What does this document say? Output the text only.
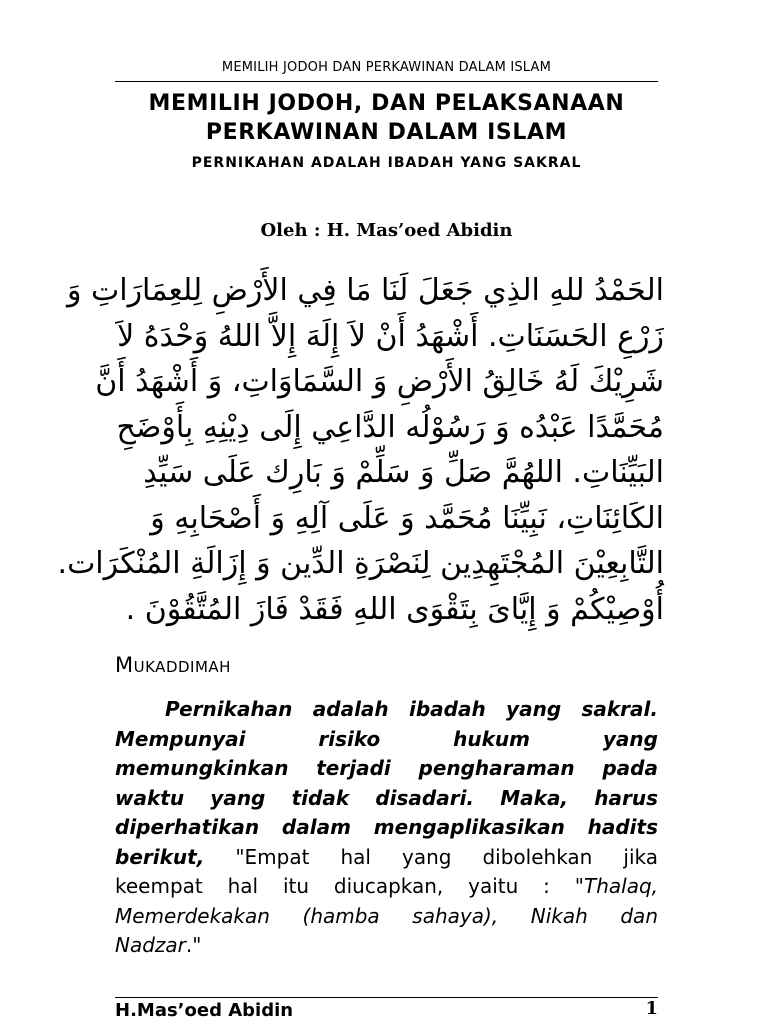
MEMILIH JODOH DAN PERKAWINAN DALAM ISLAM
MEMILIH JODOH, DAN PELAKSANAAN
PERKAWINAN DALAM ISLAM
PERNIKAHAN ADALAH IBADAH YANG SAKRAL
Oleh : H. Mas’oed Abidin
الحَمْدُ للهِ الذِي جَعَلَ لَنَا مَا فِي الأَرْضِ لِلعِمَارَاتِ وَ
زَرْعِ الحَسَنَاتِ. أَشْهَدُ أَنْ لاَ إِلَهَ إِلاَّ اللهُ وَحْدَهُ لاَ
شَرِيْكَ لَهُ خَالِقُ الأَرْضِ وَ السَّمَاوَاتِ، وَ أَشْهَدُ أَنَّ
مُحَمَّدًا عَبْدُه وَ رَسُوْلُه الدَّاعِي إِلَى دِيْنِهِ بِأَوْضَحِ
البَيِّنَاتِ. اللهُمَّ صَلِّ وَ سَلِّمْ وَ بَارِك عَلَى سَيِّدِ
الكَائِنَاتِ، نَبِيِّنَا مُحَمَّد وَ عَلَى آلِهِ وَ أَصْحَابِهِ وَ
التَّابِعِيْنَ المُجْتَهِدِين لِنَصْرَةِ الدِّين وَ إِزَالَةِ المُنْكَرَات.
أُوْصِيْكُمْ وَ إِيَّاىَ بِتَقْوَى اللهِ فَقَدْ فَازَ المُتَّقُوْنَ .
MUKADDIMAH
Pernikahan adalah ibadah yang sakral.
Mempunyai risiko hukum yang
memungkinkan terjadi pengharaman pada
waktu yang tidak disadari. Maka, harus
diperhatikan dalam mengaplikasikan hadits
berikut, "Empat hal yang dibolehkan jika
keempat hal itu diucapkan, yaitu : "Thalaq,
Memerdekakan (hamba sahaya), Nikah dan
Nadzar."
H.Mas’oed Abidin	1
